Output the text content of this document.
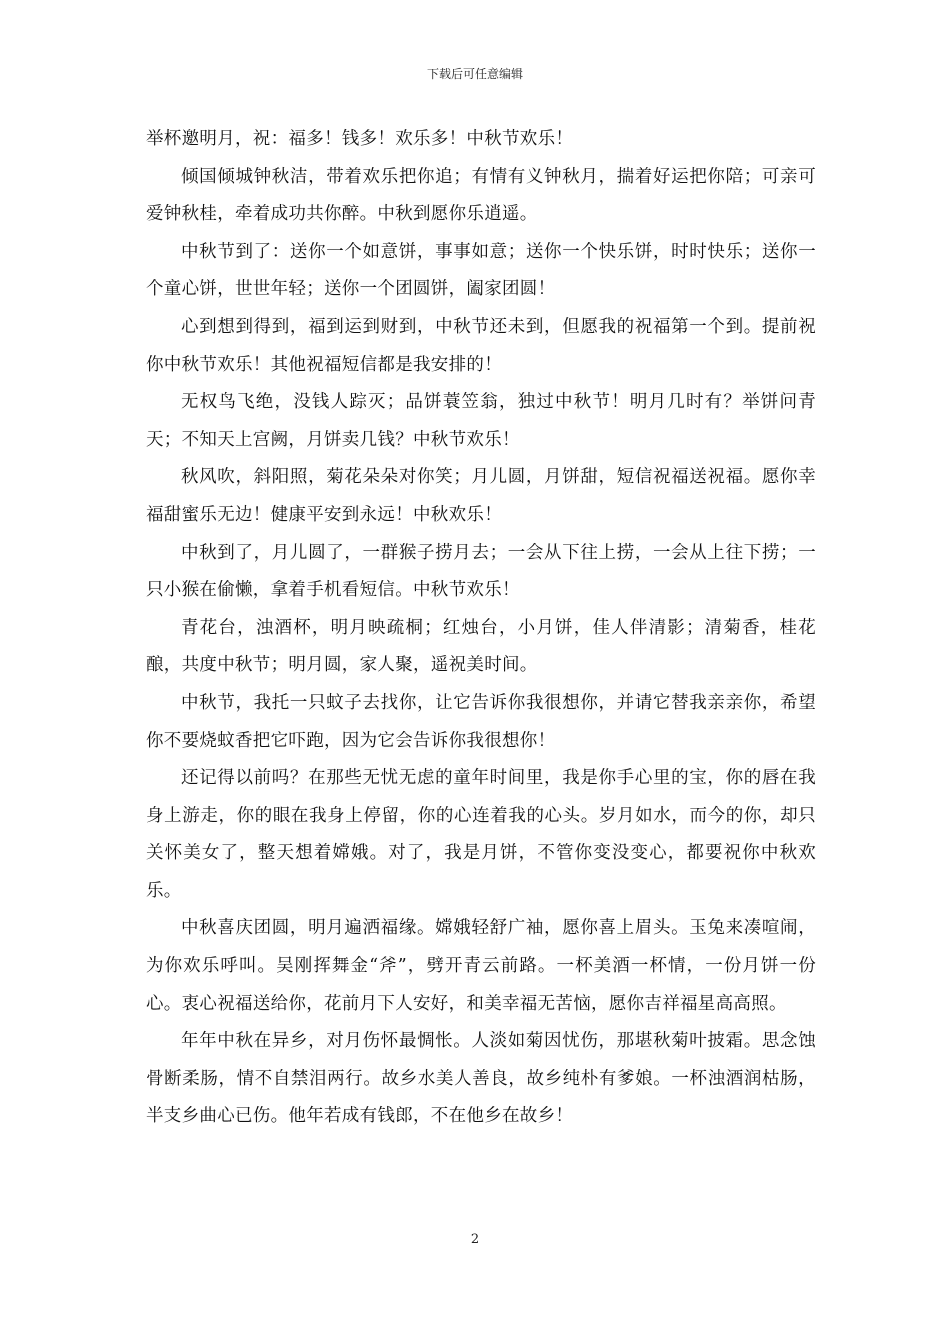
下载后可任意编辑

举杯邀明月，祝：福多！钱多！欢乐多！中秋节欢乐！

倾国倾城钟秋洁，带着欢乐把你追；有情有义钟秋月，揣着好运把你陪；可亲可爱钟秋桂，牵着成功共你醉。中秋到愿你乐逍遥。

中秋节到了：送你一个如意饼，事事如意；送你一个快乐饼，时时快乐；送你一个童心饼，世世年轻；送你一个团圆饼，阖家团圆！

心到想到得到，福到运到财到，中秋节还未到，但愿我的祝福第一个到。提前祝你中秋节欢乐！其他祝福短信都是我安排的！

无权鸟飞绝，没钱人踪灭；品饼蓑笠翁，独过中秋节！明月几时有？举饼问青天；不知天上宫阙，月饼卖几钱？中秋节欢乐！

秋风吹，斜阳照，菊花朵朵对你笑；月儿圆，月饼甜，短信祝福送祝福。愿你幸福甜蜜乐无边！健康平安到永远！中秋欢乐！

中秋到了，月儿圆了，一群猴子捞月去；一会从下往上捞，一会从上往下捞；一只小猴在偷懒，拿着手机看短信。中秋节欢乐！

青花台，浊酒杯，明月映疏桐；红烛台，小月饼，佳人伴清影；清菊香，桂花酿，共度中秋节；明月圆，家人聚，遥祝美时间。

中秋节，我托一只蚊子去找你，让它告诉你我很想你，并请它替我亲亲你，希望你不要烧蚊香把它吓跑，因为它会告诉你我很想你！

还记得以前吗？在那些无忧无虑的童年时间里，我是你手心里的宝，你的唇在我身上游走，你的眼在我身上停留，你的心连着我的心头。岁月如水，而今的你，却只关怀美女了，整天想着嫦娥。对了，我是月饼，不管你变没变心，都要祝你中秋欢乐。

中秋喜庆团圆，明月遍洒福缘。嫦娥轻舒广袖，愿你喜上眉头。玉兔来凑喧闹，为你欢乐呼叫。吴刚挥舞金“斧”，劈开青云前路。一杯美酒一杯情，一份月饼一份心。衷心祝福送给你，花前月下人安好，和美幸福无苦恼，愿你吉祥福星高高照。

年年中秋在异乡，对月伤怀最惆怅。人淡如菊因忧伤，那堪秋菊叶披霜。思念蚀骨断柔肠，情不自禁泪两行。故乡水美人善良，故乡纯朴有爹娘。一杯浊酒润枯肠，半支乡曲心已伤。他年若成有钱郎，不在他乡在故乡！

2
